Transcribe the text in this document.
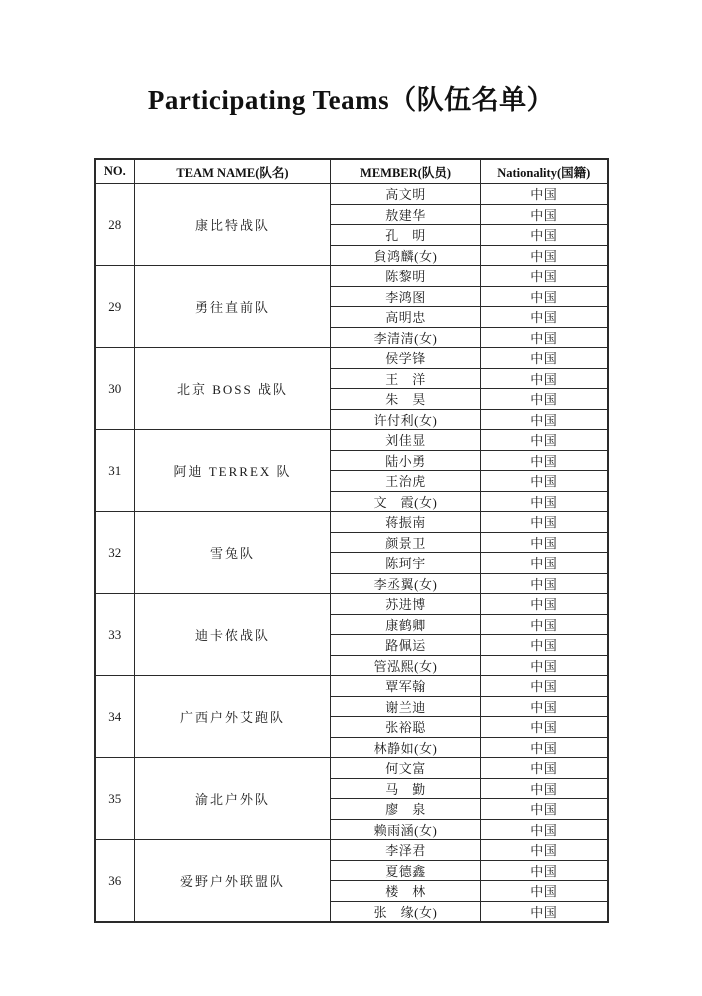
Participating Teams（队伍名单）
NO.	TEAM NAME(队名)	MEMBER(队员)	Nationality(国籍)
28	康比特战队	高文明	中国
		敖建华	中国
		孔　明	中国
		貟鸿麟(女)	中国
29	勇往直前队	陈黎明	中国
		李鸿图	中国
		高明忠	中国
		李清清(女)	中国
30	北京 BOSS 战队	侯学锋	中国
		王　洋	中国
		朱　昊	中国
		许付利(女)	中国
31	阿迪 TERREX 队	刘佳显	中国
		陆小勇	中国
		王治虎	中国
		文　霞(女)	中国
32	雪兔队	蒋振南	中国
		颜景卫	中国
		陈珂宇	中国
		李丞翼(女)	中国
33	迪卡侬战队	苏进博	中国
		康鹤卿	中国
		路佩运	中国
		管泓熙(女)	中国
34	广西户外艾跑队	覃军翰	中国
		谢兰迪	中国
		张裕聪	中国
		林静如(女)	中国
35	渝北户外队	何文富	中国
		马　勤	中国
		廖　泉	中国
		赖雨涵(女)	中国
36	爱野户外联盟队	李泽君	中国
		夏德鑫	中国
		楼　林	中国
		张　缘(女)	中国
